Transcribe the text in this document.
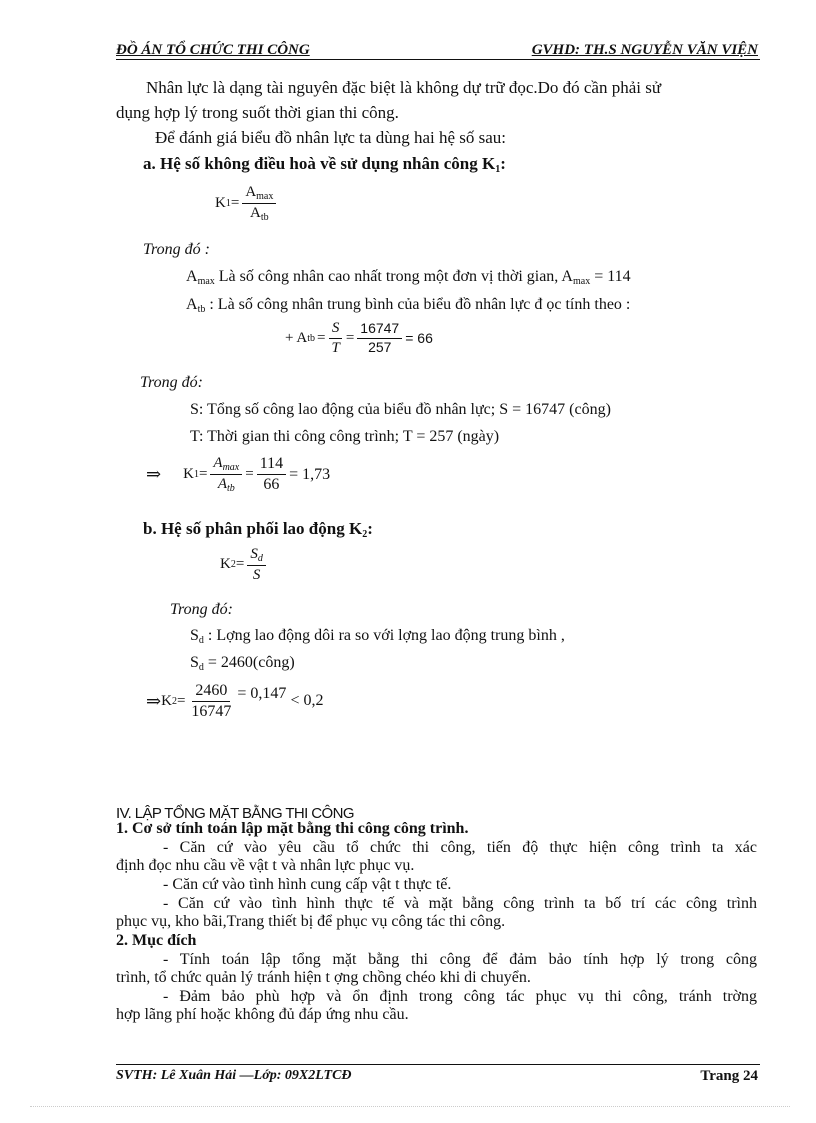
ĐỒ ÁN TỔ CHỨC THI CÔNG	GVHD: TH.S NGUYỄN VĂN VIỆN
Nhân lực là dạng tài nguyên đặc biệt là không dự trữ đọc.Do đó cần phải sử
dụng hợp lý trong suốt thời gian thi công.
Để đánh giá biểu đồ nhân lực ta dùng hai hệ số sau:
a. Hệ số không điều hoà về sử dụng nhân công $K_1$:
K $1 = \frac{A_{max}}{A_{tb}}$
Trong đó :
$A_{max}$ Là số công nhân cao nhất trong một đơn vị thời gian, $A_{max} = 114$
$A_{tb}$ : Là số công nhân trung bình của biểu đồ nhân lực đ ọc tính theo :
+ A tb = $\frac{S}{T} = \frac{16747}{257} = 66$
Trong đó:
S: Tổng số công lao động của biểu đồ nhân lực; S = 16747 (công)
T: Thời gian thi công công trình; T = 257 (ngày)
⇒ K $1 = \frac{A_{max}}{A_{tb}} = \frac{114}{66} = 1,73$
b. Hệ số phân phối lao động $K_2$:
K $2 = \frac{S_d}{S}$
Trong đó:
$S_d$ : Lợng lao động dôi ra so với lợng lao động trung bình ,
$S_d$ = 2460(công)
⇒ K $2 = \frac{2460}{16747} = 0,147 < 0,2$
IV. LẬP TỔNG MẶT BẰNG THI CÔNG
1. Cơ sở tính toán lập mặt bằng thi công công trình.
- Căn cứ vào yêu cầu tổ chức thi công, tiến độ thực hiện công trình ta xác
định đọc nhu cầu về vật t và nhân lực phục vụ.
- Căn cứ vào tình hình cung cấp vật t thực tế.
- Căn cứ vào tình hình thực tế và mặt bằng công trình ta bố trí các công trình
phục vụ, kho bãi,Trang thiết bị để phục vụ công tác thi công.
2. Mục đích
- Tính toán lập tổng mặt bằng thi công để đảm bảo tính hợp lý trong công
trình, tổ chức quản lý tránh hiện t ợng chồng chéo khi di chuyển.
- Đảm bảo phù hợp và ổn định trong công tác phục vụ thi công, tránh trờng
hợp lãng phí hoặc không đủ đáp ứng nhu cầu.
SVTH: Lê Xuân Hải —Lớp: 09X2LTCĐ	Trang 24
